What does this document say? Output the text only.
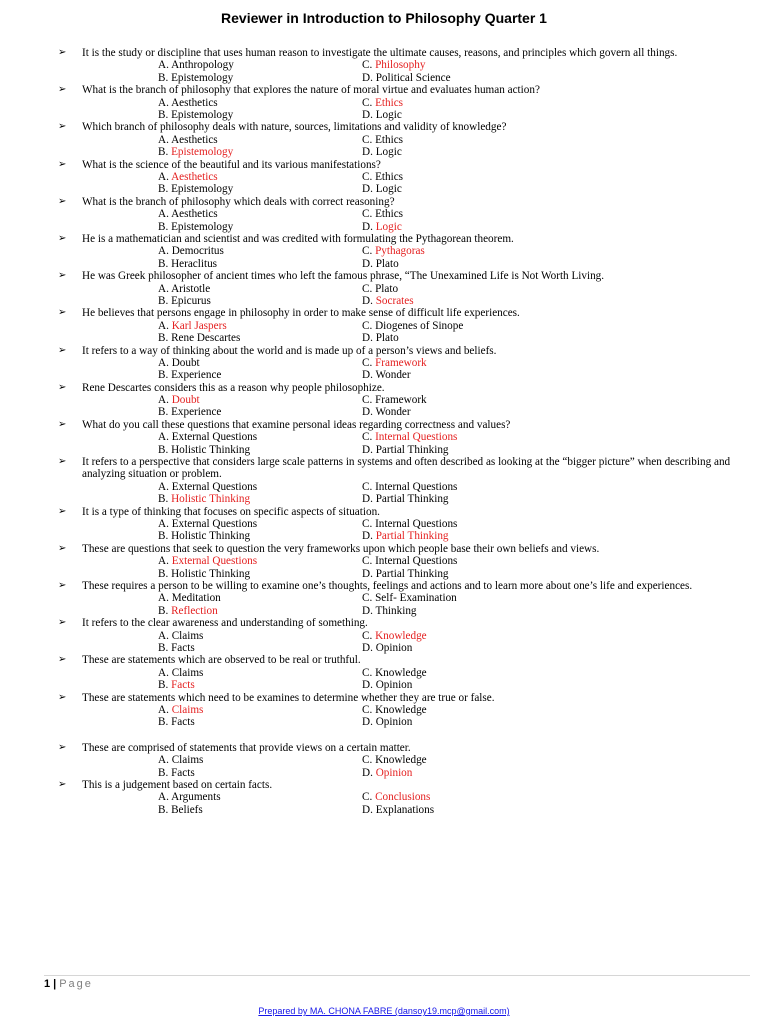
Reviewer in Introduction to Philosophy Quarter 1
➢ It is the study or discipline that uses human reason to investigate the ultimate causes, reasons, and principles which govern all things.
A. Anthropology	C. Philosophy
B. Epistemology	D. Political Science
➢ What is the branch of philosophy that explores the nature of moral virtue and evaluates human action?
A. Aesthetics	C. Ethics
B. Epistemology	D. Logic
➢ Which branch of philosophy deals with nature, sources, limitations and validity of knowledge?
A. Aesthetics	C. Ethics
B. Epistemology	D. Logic
➢ What is the science of the beautiful and its various manifestations?
A. Aesthetics	C. Ethics
B. Epistemology	D. Logic
➢ What is the branch of philosophy which deals with correct reasoning?
A. Aesthetics	C. Ethics
B. Epistemology	D. Logic
➢ He is a mathematician and scientist and was credited with formulating the Pythagorean theorem.
A. Democritus	C. Pythagoras
B. Heraclitus	D. Plato
➢ He was Greek philosopher of ancient times who left the famous phrase, “The Unexamined Life is Not Worth Living.
A. Aristotle	C. Plato
B. Epicurus	D. Socrates
➢ He believes that persons engage in philosophy in order to make sense of difficult life experiences.
A. Karl Jaspers	C. Diogenes of Sinope
B. Rene Descartes	D. Plato
➢ It refers to a way of thinking about the world and is made up of a person’s views and beliefs.
A. Doubt	C. Framework
B. Experience	D. Wonder
➢ Rene Descartes considers this as a reason why people philosophize.
A. Doubt	C. Framework
B. Experience	D. Wonder
➢ What do you call these questions that examine personal ideas regarding correctness and values?
A. External Questions	C. Internal Questions
B. Holistic Thinking	D. Partial Thinking
➢ It refers to a perspective that considers large scale patterns in systems and often described as looking at the “bigger picture” when describing and analyzing situation or problem.
A. External Questions	C. Internal Questions
B. Holistic Thinking	D. Partial Thinking
➢ It is a type of thinking that focuses on specific aspects of situation.
A. External Questions	C. Internal Questions
B. Holistic Thinking	D. Partial Thinking
➢ These are questions that seek to question the very frameworks upon which people base their own beliefs and views.
A. External Questions	C. Internal Questions
B. Holistic Thinking	D. Partial Thinking
➢ These requires a person to be willing to examine one’s thoughts, feelings and actions and to learn more about one’s life and experiences.
A. Meditation	C. Self- Examination
B. Reflection	D. Thinking
➢ It refers to the clear awareness and understanding of something.
A. Claims	C. Knowledge
B. Facts	D. Opinion
➢ These are statements which are observed to be real or truthful.
A. Claims	C. Knowledge
B. Facts	D. Opinion
➢ These are statements which need to be examines to determine whether they are true or false.
A. Claims	C. Knowledge
B. Facts	D. Opinion
➢ These are comprised of statements that provide views on a certain matter.
A. Claims	C. Knowledge
B. Facts	D. Opinion
➢ This is a judgement based on certain facts.
A. Arguments	C. Conclusions
B. Beliefs	D. Explanations
1 | Page
Prepared by MA. CHONA FABRE (dansoy19.mcp@gmail.com)
